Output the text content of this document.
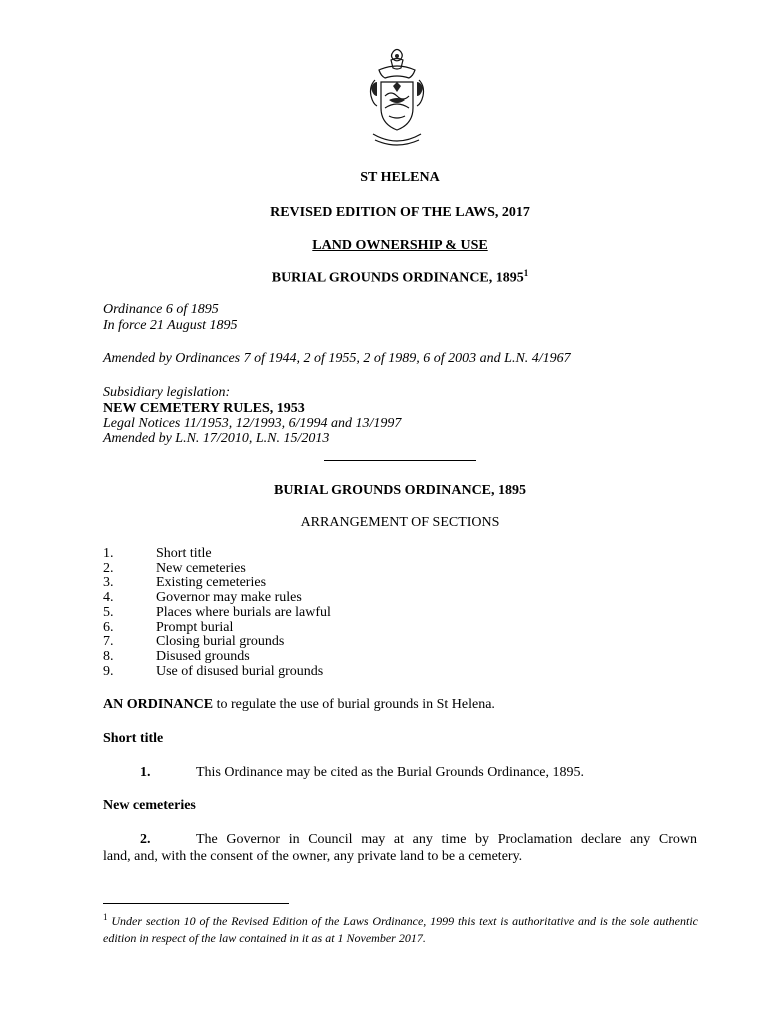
ST HELENA
REVISED EDITION OF THE LAWS, 2017
LAND OWNERSHIP & USE
BURIAL GROUNDS ORDINANCE, 1895$^1$
Ordinance 6 of 1895
In force 21 August 1895
Amended by Ordinances 7 of 1944, 2 of 1955, 2 of 1989, 6 of 2003 and L.N. 4/1967
Subsidiary legislation:
NEW CEMETERY RULES, 1953
Legal Notices 11/1953, 12/1993, 6/1994 and 13/1997
Amended by L.N. 17/2010, L.N. 15/2013
BURIAL GROUNDS ORDINANCE, 1895
ARRANGEMENT OF SECTIONS
1.	Short title
2.	New cemeteries
3.	Existing cemeteries
4.	Governor may make rules
5.	Places where burials are lawful
6.	Prompt burial
7.	Closing burial grounds
8.	Disused grounds
9.	Use of disused burial grounds
AN ORDINANCE to regulate the use of burial grounds in St Helena.
Short title
1.	This Ordinance may be cited as the Burial Grounds Ordinance, 1895.
New cemeteries
2.	The Governor in Council may at any time by Proclamation declare any Crown
land, and, with the consent of the owner, any private land to be a cemetery.
$^1$ Under section 10 of the Revised Edition of the Laws Ordinance, 1999 this text is authoritative and is the sole authentic edition in respect of the law contained in it as at 1 November 2017.
